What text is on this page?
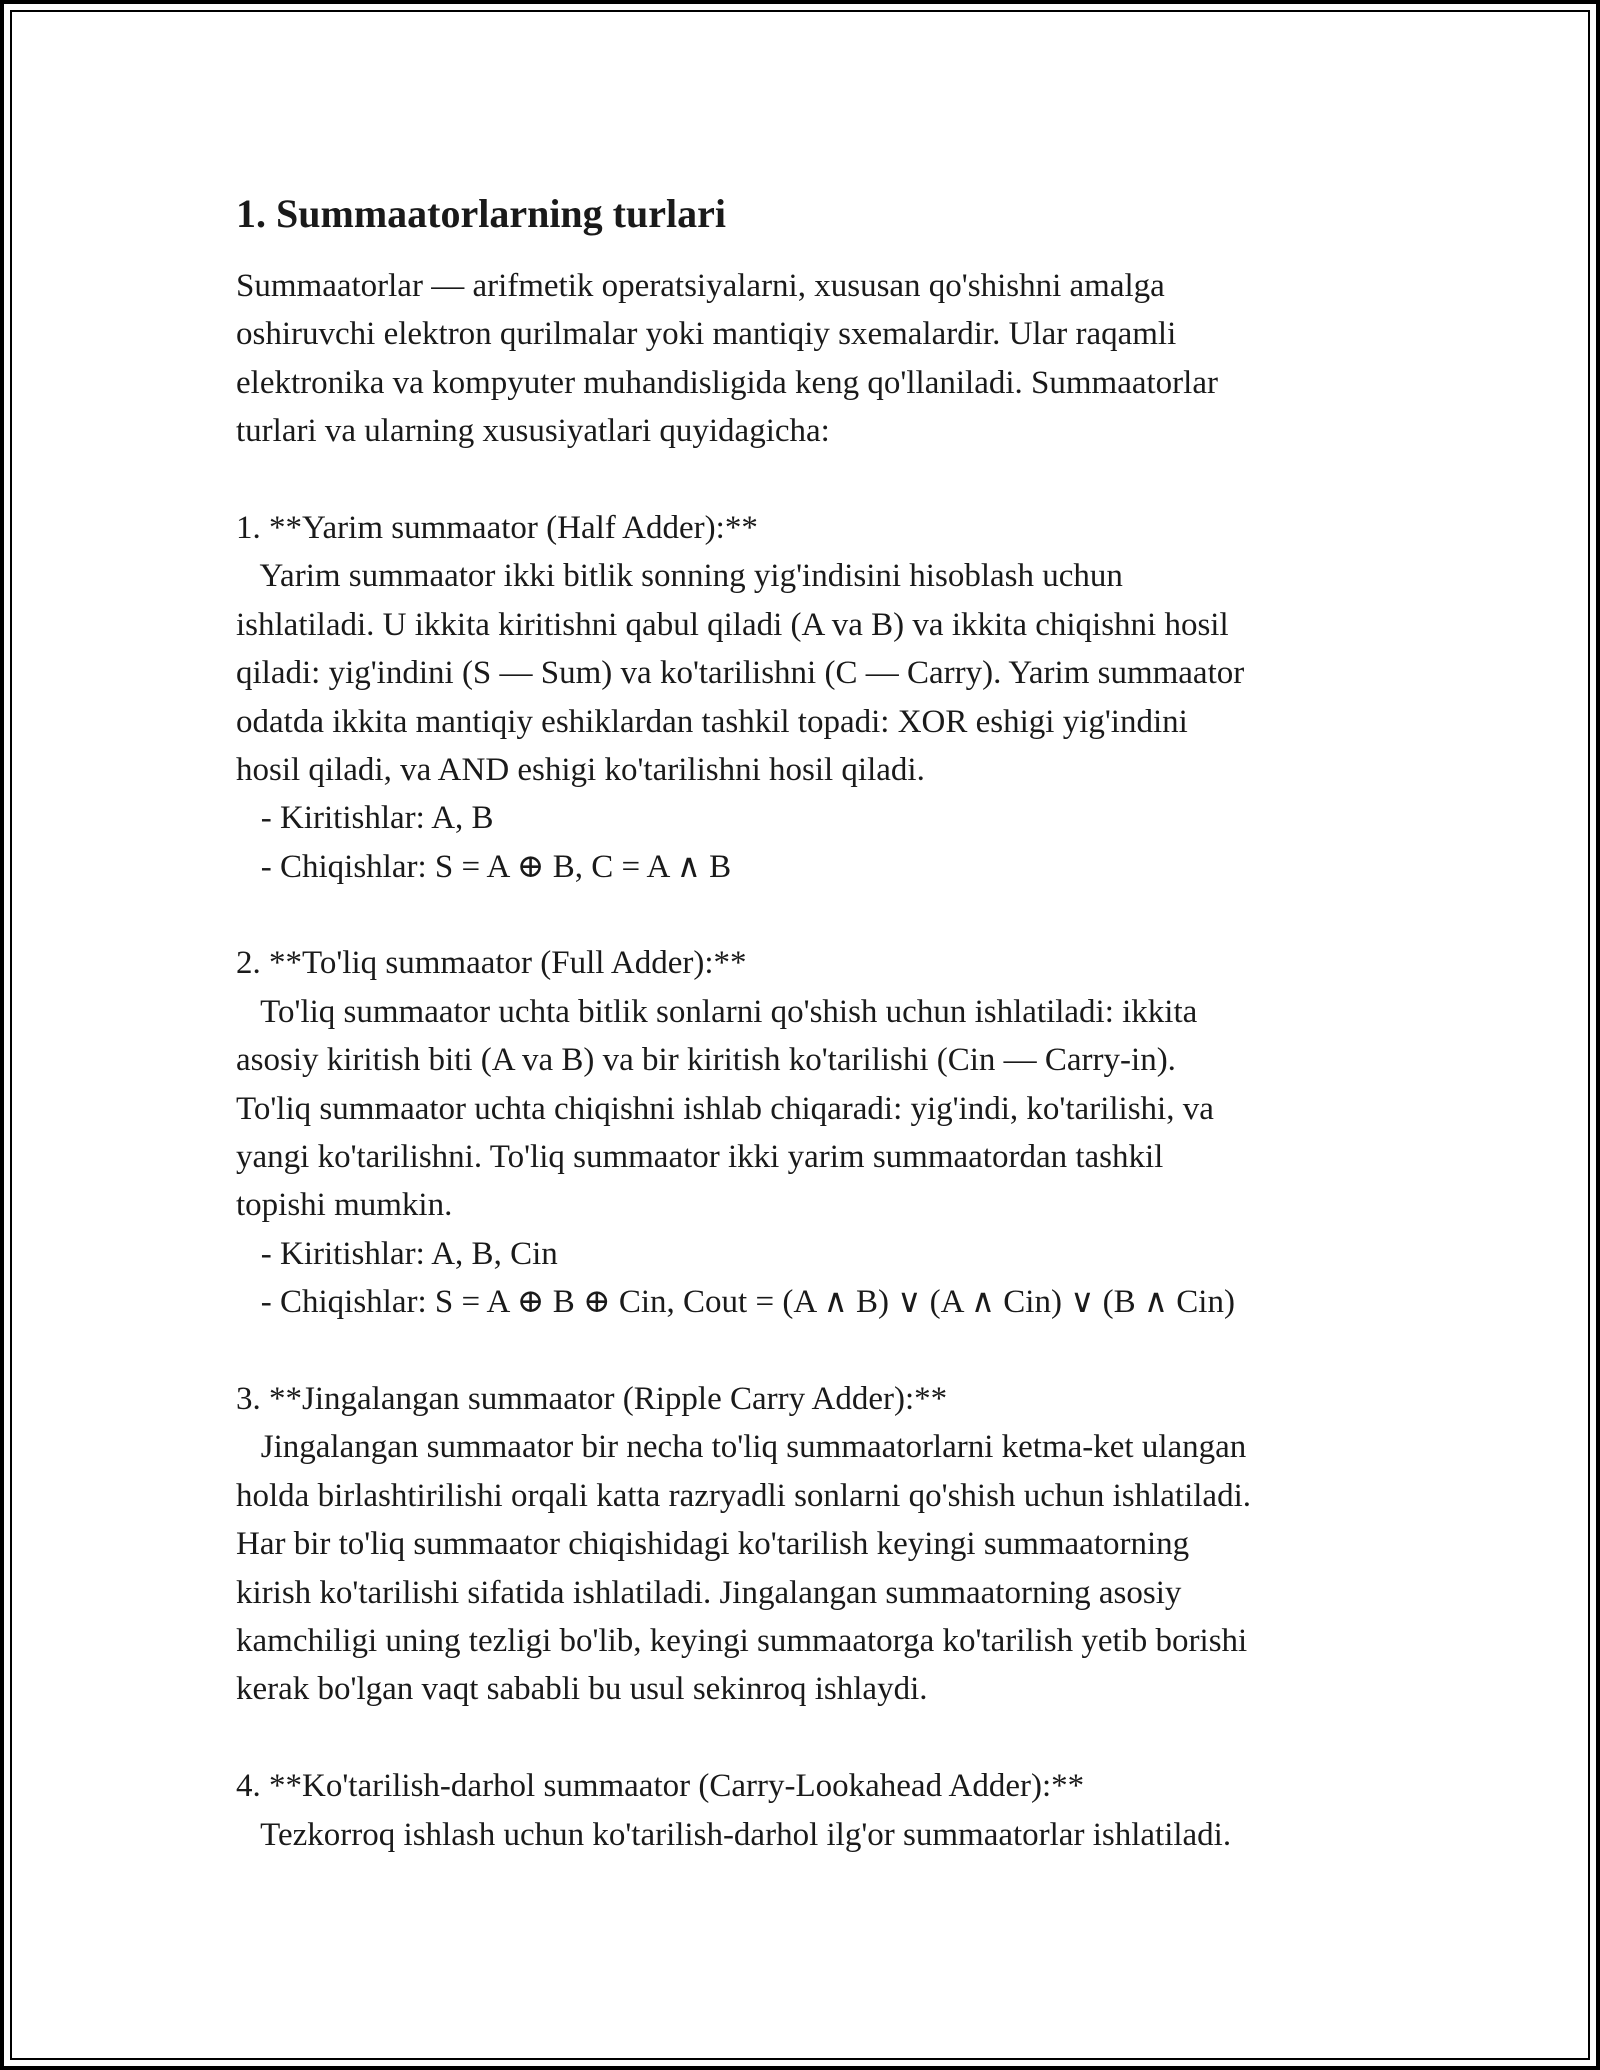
1. Summaatorlarning turlari
Summaatorlar — arifmetik operatsiyalarni, xususan qo'shishni amalga
oshiruvchi elektron qurilmalar yoki mantiqiy sxemalardir. Ular raqamli
elektronika va kompyuter muhandisligida keng qo'llaniladi. Summaatorlar
turlari va ularning xususiyatlari quyidagicha:
1. **Yarim summaator (Half Adder):**
Yarim summaator ikki bitlik sonning yig'indisini hisoblash uchun
ishlatiladi. U ikkita kiritishni qabul qiladi (A va B) va ikkita chiqishni hosil
qiladi: yig'indini (S — Sum) va ko'tarilishni (C — Carry). Yarim summaator
odatda ikkita mantiqiy eshiklardan tashkil topadi: XOR eshigi yig'indini
hosil qiladi, va AND eshigi ko'tarilishni hosil qiladi.
- Kiritishlar: A, B
- Chiqishlar: S = A ⊕ B, C = A ∧ B
2. **To'liq summaator (Full Adder):**
To'liq summaator uchta bitlik sonlarni qo'shish uchun ishlatiladi: ikkita
asosiy kiritish biti (A va B) va bir kiritish ko'tarilishi (Cin — Carry-in).
To'liq summaator uchta chiqishni ishlab chiqaradi: yig'indi, ko'tarilishi, va
yangi ko'tarilishni. To'liq summaator ikki yarim summaatordan tashkil
topishi mumkin.
- Kiritishlar: A, B, Cin
- Chiqishlar: S = A ⊕ B ⊕ Cin, Cout = (A ∧ B) ∨ (A ∧ Cin) ∨ (B ∧ Cin)
3. **Jingalangan summaator (Ripple Carry Adder):**
Jingalangan summaator bir necha to'liq summaatorlarni ketma-ket ulangan
holda birlashtirilishi orqali katta razryadli sonlarni qo'shish uchun ishlatiladi.
Har bir to'liq summaator chiqishidagi ko'tarilish keyingi summaatorning
kirish ko'tarilishi sifatida ishlatiladi. Jingalangan summaatorning asosiy
kamchiligi uning tezligi bo'lib, keyingi summaatorga ko'tarilish yetib borishi
kerak bo'lgan vaqt sababli bu usul sekinroq ishlaydi.
4. **Ko'tarilish-darhol summaator (Carry-Lookahead Adder):**
Tezkorroq ishlash uchun ko'tarilish-darhol ilg'or summaatorlar ishlatiladi.
